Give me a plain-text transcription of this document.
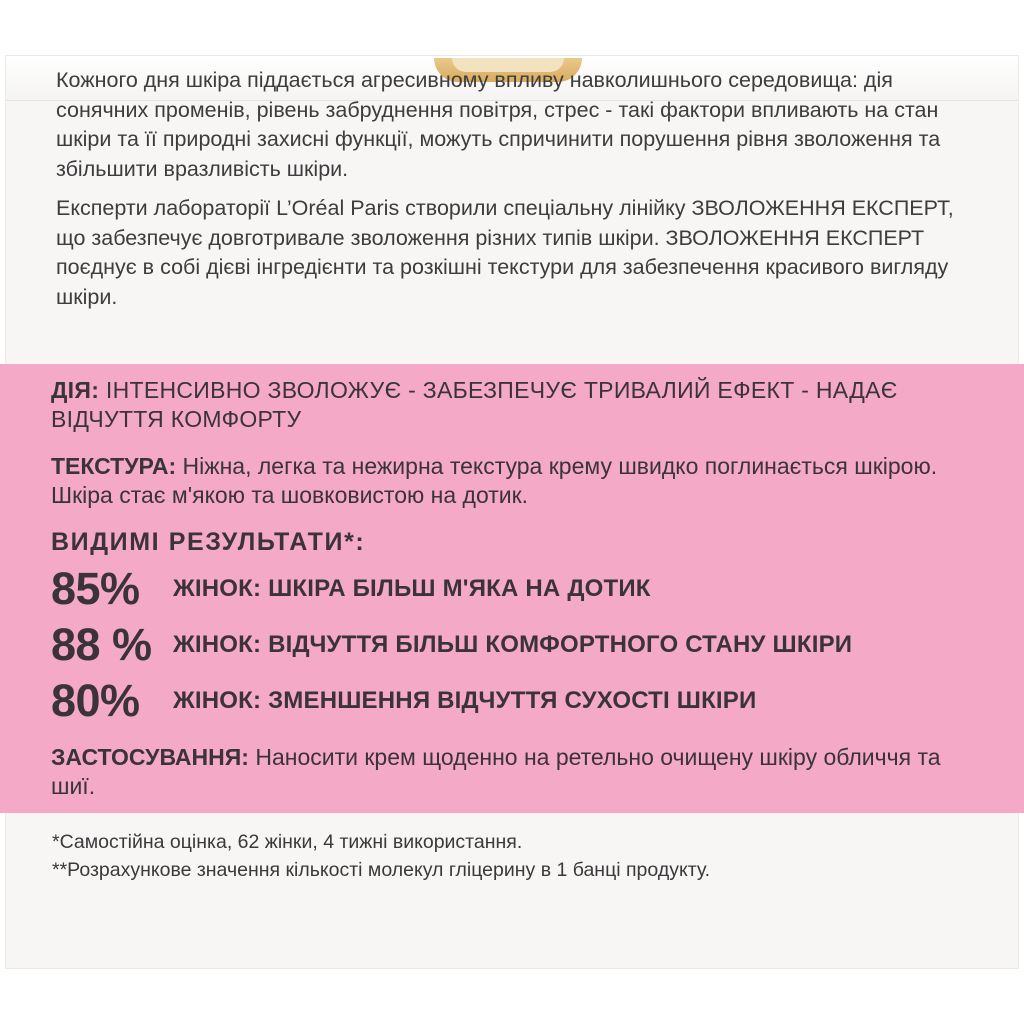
Кожного дня шкіра піддається агресивному впливу навколишнього середовища: дія сонячних променів, рівень забруднення повітря, стрес - такі фактори впливають на стан шкіри та її природні захисні функції, можуть спричинити порушення рівня зволоження та збільшити вразливість шкіри.

Експерти лабораторії L’Oréal Paris створили спеціальну лінійку ЗВОЛОЖЕННЯ ЕКСПЕРТ, що забезпечує довготривале зволоження різних типів шкіри. ЗВОЛОЖЕННЯ ЕКСПЕРТ поєднує в собі дієві інгредієнти та розкішні текстури для забезпечення красивого вигляду шкіри.

ДІЯ: ІНТЕНСИВНО ЗВОЛОЖУЄ - ЗАБЕЗПЕЧУЄ ТРИВАЛИЙ ЕФЕКТ - НАДАЄ ВІДЧУТТЯ КОМФОРТУ
ТЕКСТУРА: Ніжна, легка та нежирна текстура крему швидко поглинається шкірою. Шкіра стає м'якою та шовковистою на дотик.
ВИДИМІ РЕЗУЛЬТАТИ*:
85%	ЖІНОК: ШКІРА БІЛЬШ М'ЯКА НА ДОТИК
88 % ЖІНОК: ВІДЧУТТЯ БІЛЬШ КОМФОРТНОГО СТАНУ ШКІРИ
80%	ЖІНОК: ЗМЕНШЕННЯ ВІДЧУТТЯ СУХОСТІ ШКІРИ
ЗАСТОСУВАННЯ: Наносити крем щоденно на ретельно очищену шкіру обличчя та шиї.
*Самостійна оцінка, 62 жінки, 4 тижні використання.
**Розрахункове значення кількості молекул гліцерину в 1 банці продукту.
